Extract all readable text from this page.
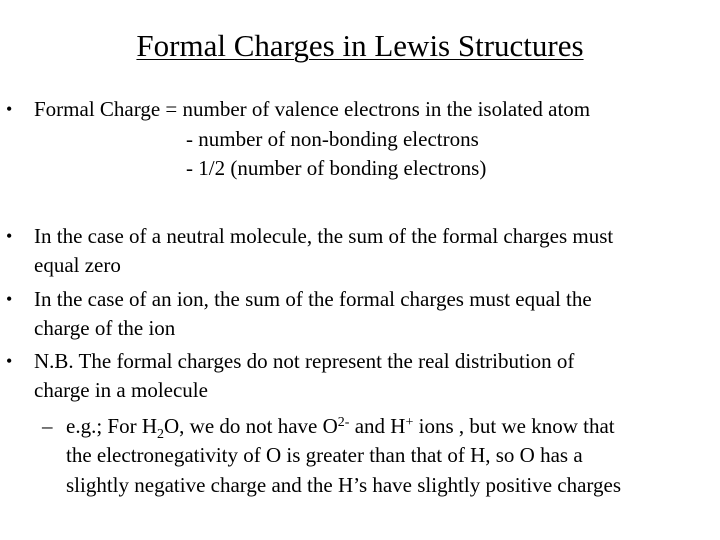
Formal Charges in Lewis Structures
• Formal Charge = number of valence electrons in the isolated atom
- number of non-bonding electrons
- 1/2 (number of bonding electrons)
• In the case of a neutral molecule, the sum of the formal charges must
equal zero
• In the case of an ion, the sum of the formal charges must equal the
charge of the ion
• N.B. The formal charges do not represent the real distribution of
charge in a molecule
– e.g.; For $H_2O$, we do not have $O^{2-}$ and H+ ions , but we know that
the electronegativity of O is greater than that of H, so O has a
slightly negative charge and the H’s have slightly positive charges
